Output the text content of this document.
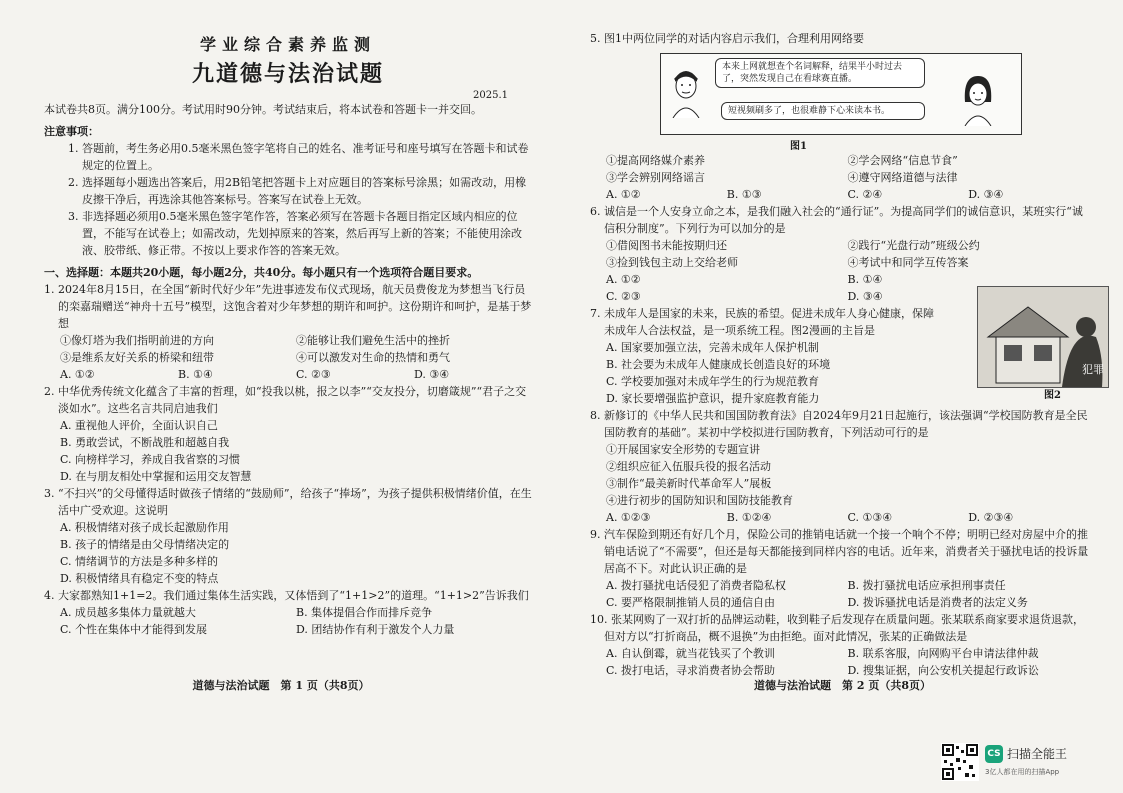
学业综合素养监测
九道德与法治试题
2025.1

本试卷共8页。满分100分。考试用时90分钟。考试结束后，将本试卷和答题卡一并交回。

注意事项：

1. 答题前，考生务必用0.5毫米黑色签字笔将自己的姓名、准考证号和座号填写在答题卡和试卷规定的位置上。

2. 选择题每小题选出答案后，用2B铅笔把答题卡上对应题目的答案标号涂黑；如需改动，用橡皮擦干净后，再选涂其他答案标号。答案写在试卷上无效。

3. 非选择题必须用0.5毫米黑色签字笔作答，答案必须写在答题卡各题目指定区域内相应的位置，不能写在试卷上；如需改动，先划掉原来的答案，然后再写上新的答案；不能使用涂改液、胶带纸、修正带。不按以上要求作答的答案无效。

一、选择题：本题共20小题，每小题2分，共40分。每小题只有一个选项符合题目要求。

1. 2024年8月15日，在全国“新时代好少年”先进事迹发布仪式现场，航天员费俊龙为梦想当飞行员的栾嘉瑞赠送“神舟十五号”模型，这饱含着对少年梦想的期许和呵护。这份期许和呵护，是基于梦想

①像灯塔为我们指明前进的方向	②能够让我们避免生活中的挫折
③是维系友好关系的桥梁和纽带	④可以激发对生命的热情和勇气
A. ①②	B. ①④	C. ②③	D. ③④

2. 中华优秀传统文化蕴含了丰富的哲理，如“投我以桃，报之以李”“交友投分，切磨箴规”“君子之交淡如水”。这些名言共同启迪我们

A. 重视他人评价，全面认识自己
B. 勇敢尝试，不断战胜和超越自我
C. 向榜样学习，养成自我省察的习惯
D. 在与朋友相处中掌握和运用交友智慧

3. “不扫兴”的父母懂得适时做孩子情绪的“鼓励师”，给孩子“捧场”，为孩子提供积极情绪价值，在生活中广受欢迎。这说明

A. 积极情绪对孩子成长起激励作用
B. 孩子的情绪是由父母情绪决定的
C. 情绪调节的方法是多种多样的
D. 积极情绪具有稳定不变的特点

4. 大家都熟知1+1=2。我们通过集体生活实践，又体悟到了“1+1>2”的道理。“1+1>2”告诉我们

A. 成员越多集体力量就越大	B. 集体提倡合作而排斥竞争
C. 个性在集体中才能得到发展	D. 团结协作有利于激发个人力量
道德与法治试题　第 1 页（共8页）

5. 图1中两位同学的对话内容启示我们，合理利用网络要

本来上网就想查个名词解释，结果半小时过去了，突然发现自己在看球赛直播。
短视频刷多了，也很难静下心来读本书。
图1
①提高网络媒介素养	②学会网络“信息节食”
③学会辨别网络谣言	④遵守网络道德与法律
A. ①②	B. ①③	C. ②④	D. ③④

6. 诚信是一个人安身立命之本，是我们融入社会的“通行证”。为提高同学们的诚信意识，某班实行“诚信积分制度”。下列行为可以加分的是

①借阅图书未能按期归还	②践行“光盘行动”班级公约
③捡到钱包主动上交给老师	④考试中和同学互传答案
A. ①②	B. ①④
C. ②③	D. ③④

7. 未成年人是国家的未来，民族的希望。促进未成年人身心健康，保障未成年人合法权益，是一项系统工程。图2漫画的主旨是

A. 国家要加强立法，完善未成年人保护机制
B. 社会要为未成年人健康成长创造良好的环境
C. 学校要加强对未成年学生的行为规范教育
D. 家长要增强监护意识，提升家庭教育能力
犯罪
图2

8. 新修订的《中华人民共和国国防教育法》自2024年9月21日起施行，该法强调“学校国防教育是全民国防教育的基础”。某初中学校拟进行国防教育，下列活动可行的是

①开展国家安全形势的专题宣讲
②组织应征入伍服兵役的报名活动
③制作“最美新时代革命军人”展板
④进行初步的国防知识和国防技能教育
A. ①②③	B. ①②④	C. ①③④	D. ②③④

9. 汽车保险到期还有好几个月，保险公司的推销电话就一个接一个响个不停；明明已经对房屋中介的推销电话说了“不需要”，但还是每天都能接到同样内容的电话。近年来，消费者关于骚扰电话的投诉量居高不下。对此认识正确的是

A. 拨打骚扰电话侵犯了消费者隐私权	B. 拨打骚扰电话应承担刑事责任
C. 要严格限制推销人员的通信自由	D. 拨诉骚扰电话是消费者的法定义务

10. 张某网购了一双打折的品牌运动鞋，收到鞋子后发现存在质量问题。张某联系商家要求退货退款，但对方以“打折商品，概不退换”为由拒绝。面对此情况，张某的正确做法是

A. 自认倒霉，就当花钱买了个教训	B. 联系客服，向网购平台申请法律仲裁
C. 拨打电话，寻求消费者协会帮助	D. 搜集证据，向公安机关提起行政诉讼
道德与法治试题　第 2 页（共8页）
CS 扫描全能王
3亿人都在用的扫描App
